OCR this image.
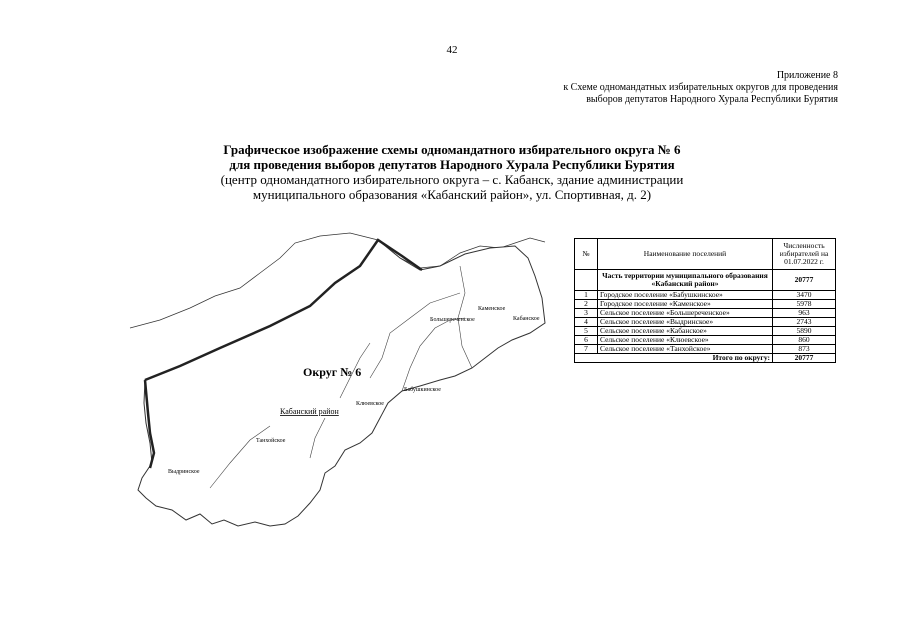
42
Приложение 8
к Схеме одномандатных избирательных округов для проведения
выборов депутатов Народного Хурала Республики Бурятия
Графическое изображение схемы одномандатного избирательного округа № 6
для проведения выборов депутатов Народного Хурала Республики Бурятия
(центр одномандатного избирательного округа – с. Кабанск, здание администрации
муниципального образования «Кабанский район», ул. Спортивная, д. 2)
Округ № 6
Кабанский район
Каменское
Большереченское	Кабанское
Бабушкинское
Клюевское
Танхойское
Выдринское
№	Наименование поселений	Численность избирателей на 01.07.2022 г.
	Часть территории муниципального образования «Кабанский район»	20777
1	Городское поселение «Бабушкинское»	3470
2	Городское поселение «Каменское»	5978
3	Сельское поселение «Большереченское»	963
4	Сельское поселение «Выдринское»	2743
5	Сельское поселение «Кабанское»	5890
6	Сельское поселение «Клюевское»	860
7	Сельское поселение «Танхойское»	873
Итого по округу:		20777
